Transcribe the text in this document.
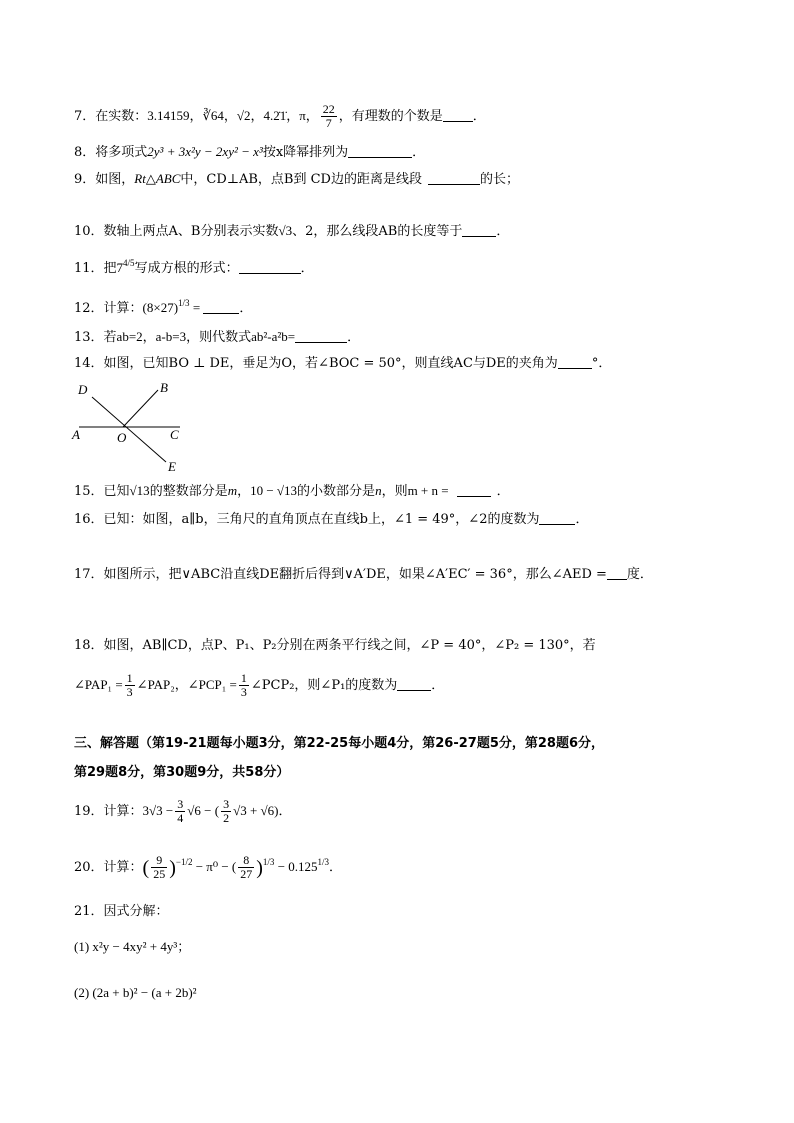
7．在实数：3.14159，∛64，√2，4.2̇1̇，π， $\frac{22}{7}$ ，有理数的个数是 ．
8．将多项式2y³ + 3x²y − 2xy² − x³按x降幂排列为	．
9．如图，Rt△ABC中，CD⊥AB，点B到 CD边的距离是线段	的长；
10．数轴上两点A、B分别表示实数√3、2，那么线段AB的长度等于	．
11．把$7^{4/5}$写成方根的形式：	．
12．计算：$(8\times 27)^{1/3}$ =	．
13．若ab=2，a-b=3，则代数式ab²-a²b=	．
14．如图，已知BO ⊥ DE，垂足为O，若∠BOC = 50°，则直线AC与DE的夹角为	°．
D	B
A	O	C
E
15．已知√13的整数部分是m，10 − √13的小数部分是n，则m + n =	．
16．已知：如图，a∥b，三角尺的直角顶点在直线b上，∠1 = 49°，∠2的度数为	．
17．如图所示，把∨ABC沿直线DE翻折后得到∨A′DE，如果∠A′EC′ = 36°，那么∠AED = 度．
18．如图，AB∥CD，点P、P₁、P₂分别在两条平行线之间，∠P = 40°，∠P₂ = 130°，若
∠PAP₁ = $\frac{1}{3}$ ∠PAP₂，∠PCP₁ = $\frac{1}{3}$ ∠PCP₂，则∠P₁的度数为	．
三、解答题（第19-21题每小题3分，第22-25每小题4分，第26-27题5分，第28题6分，
第29题8分，第30题9分，共58分）
19．计算：$3√3 - \frac{3}{4} √6$ − ( $\frac{3}{2} √3 + √6$)．
20．计算：( $\frac{9}{25} )^{-1/2} - \pi^0$ − ( $\frac{8}{27} )^{1/3} - 0.125^{1/3}$．
21．因式分解：
(1) x²y − 4xy² + 4y³；
(2) (2a + b)² − (a + 2b)²
